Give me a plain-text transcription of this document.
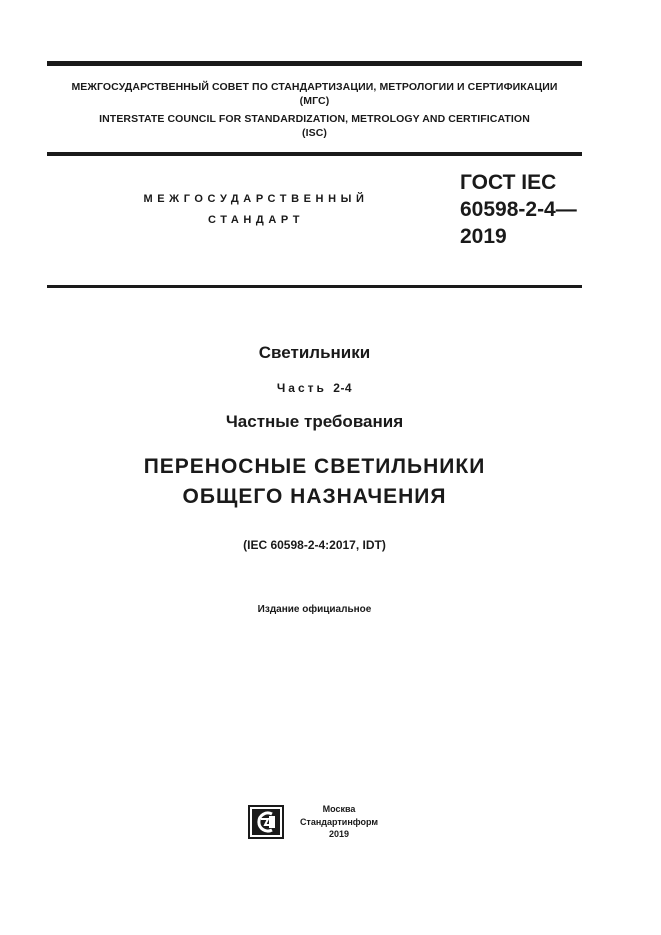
МЕЖГОСУДАРСТВЕННЫЙ СОВЕТ ПО СТАНДАРТИЗАЦИИ, МЕТРОЛОГИИ И СЕРТИФИКАЦИИ
(МГС)
INTERSTATE COUNCIL FOR STANDARDIZATION, METROLOGY AND CERTIFICATION
(ISC)
МЕЖГОСУДАРСТВЕННЫЙ
СТАНДАРТ
ГОСТ IEC
60598-2-4—
2019
Светильники
Часть 2-4
Частные требования
ПЕРЕНОСНЫЕ СВЕТИЛЬНИКИ
ОБЩЕГО НАЗНАЧЕНИЯ
(IEC 60598-2-4:2017, IDT)
Издание официальное
Москва
Стандартинформ
2019
